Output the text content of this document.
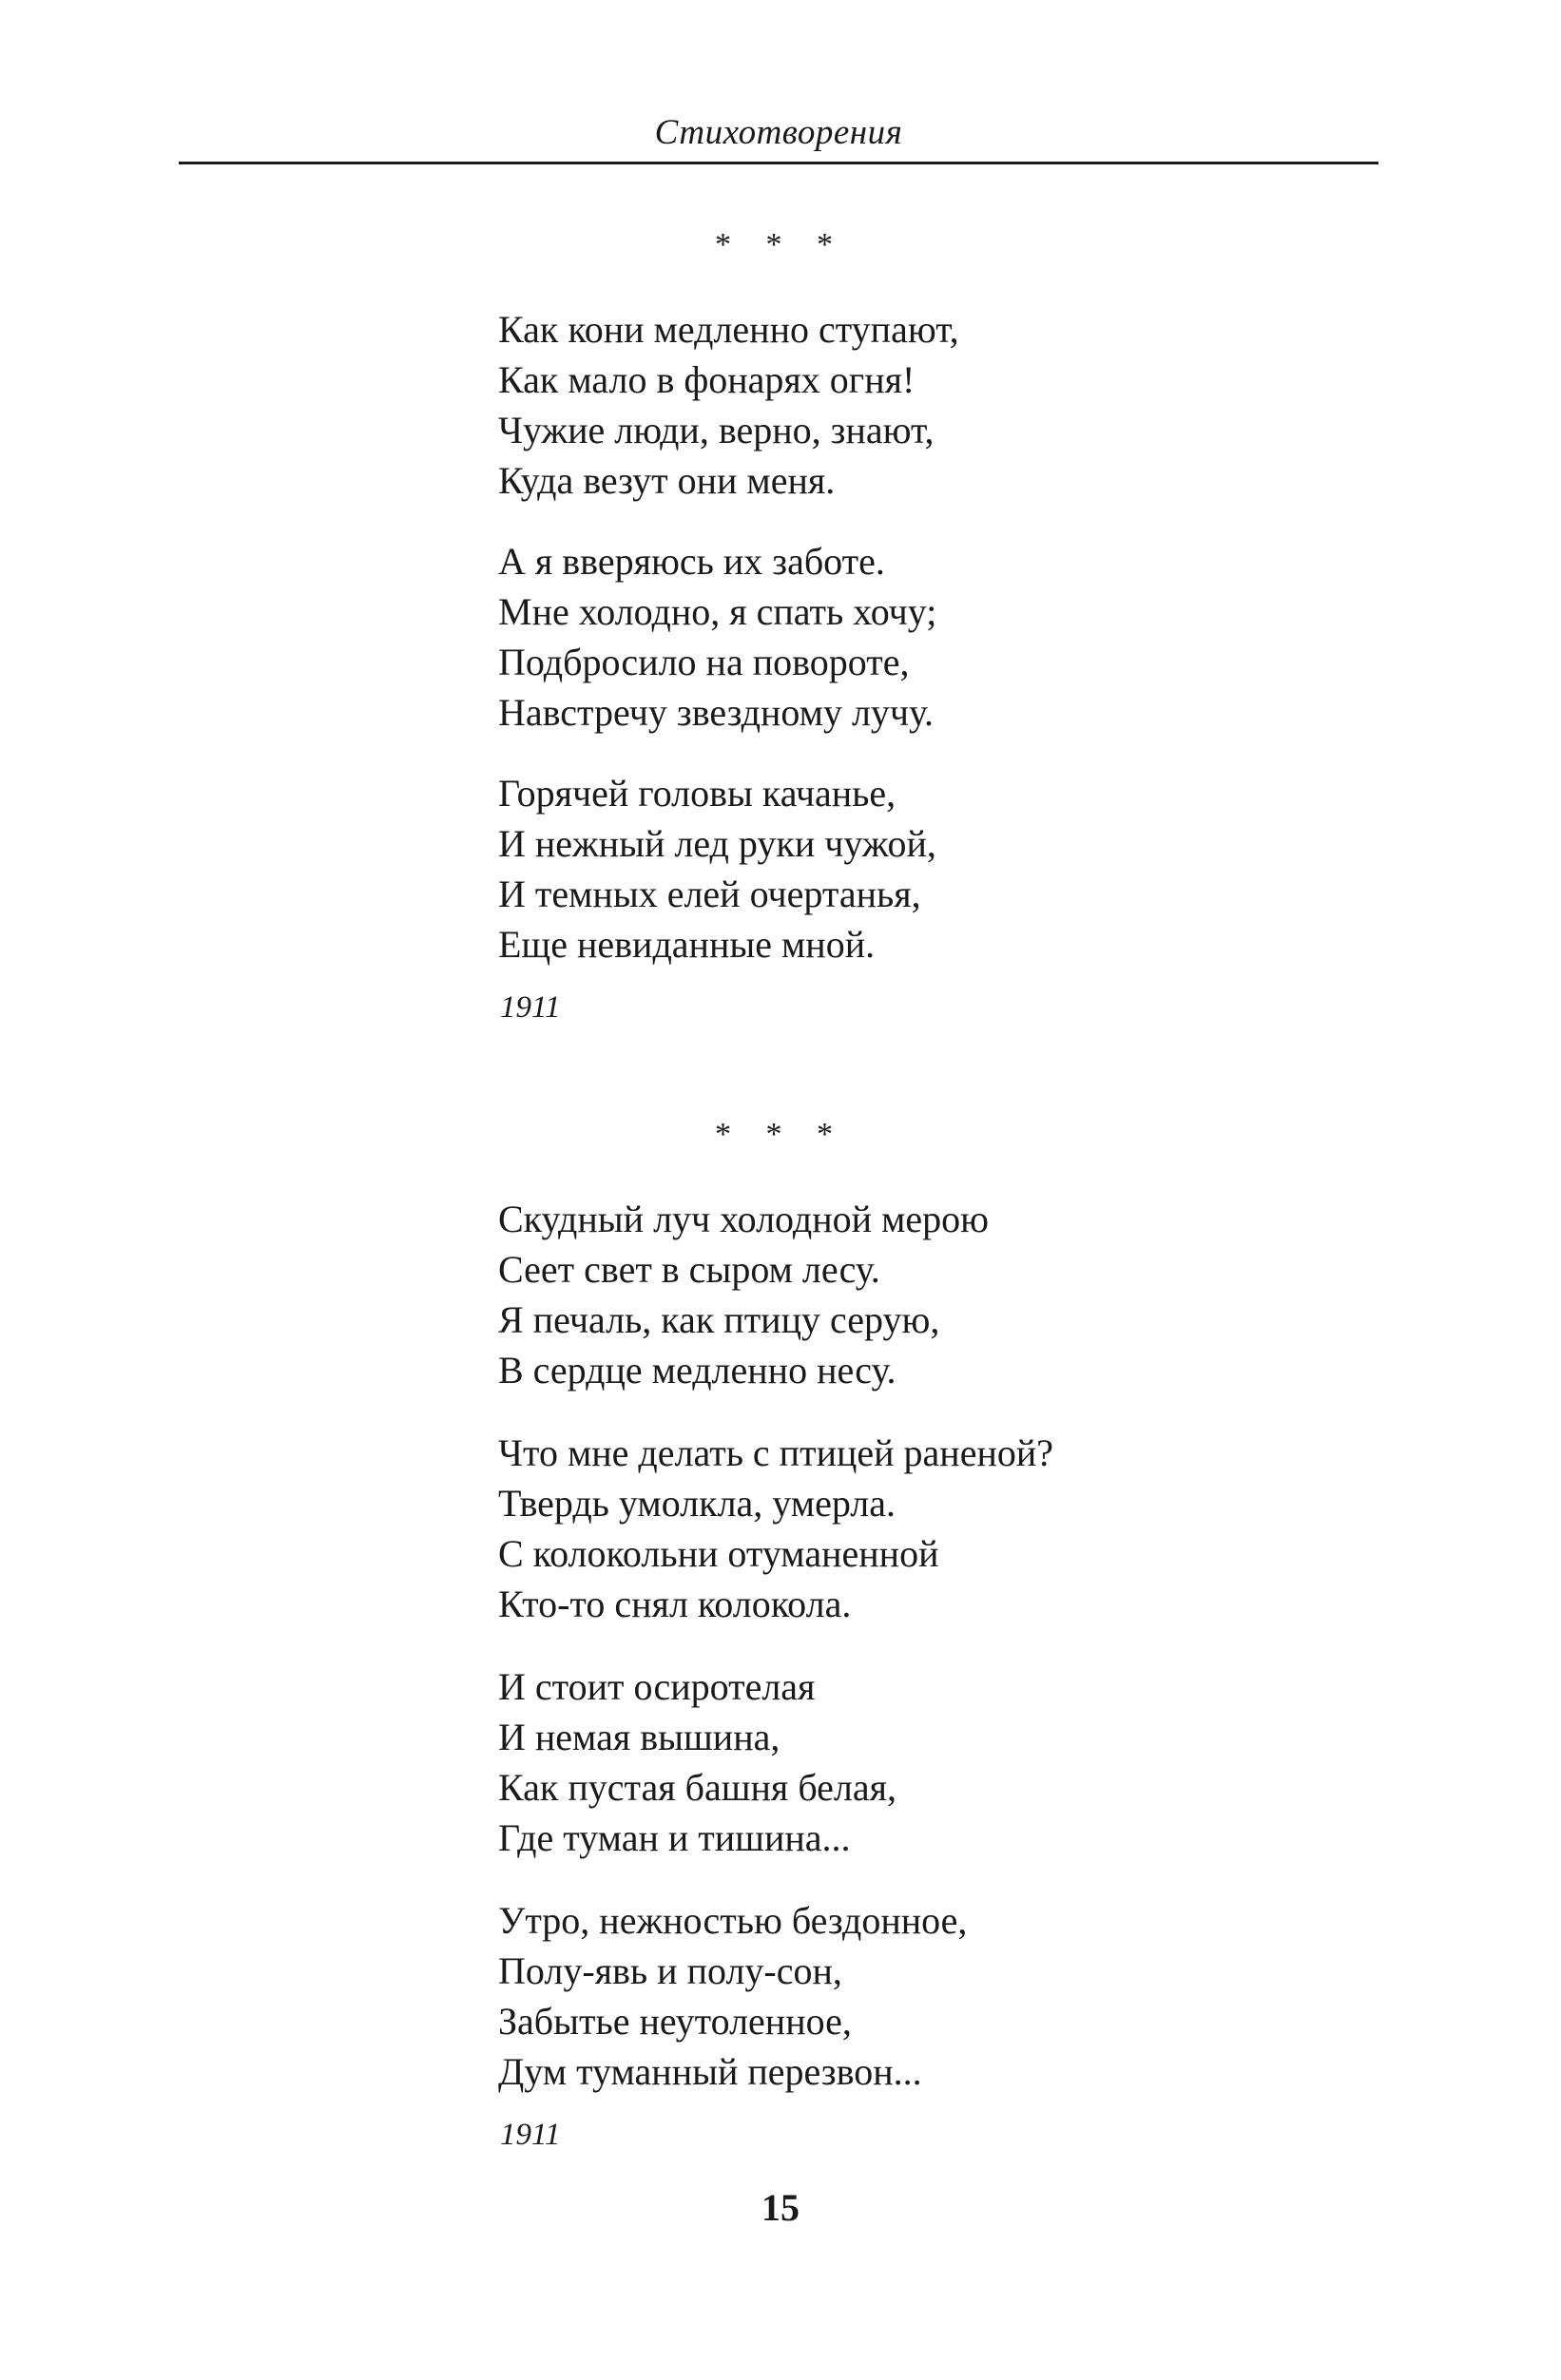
Стихотворения
* * *
Как кони медленно ступают,
Как мало в фонарях огня!
Чужие люди, верно, знают,
Куда везут они меня.
А я вверяюсь их заботе.
Мне холодно, я спать хочу;
Подбросило на повороте,
Навстречу звездному лучу.
Горячей головы качанье,
И нежный лед руки чужой,
И темных елей очертанья,
Еще невиданные мной.
1911
* * *
Скудный луч холодной мерою
Сеет свет в сыром лесу.
Я печаль, как птицу серую,
В сердце медленно несу.
Что мне делать с птицей раненой?
Твердь умолкла, умерла.
С колокольни отуманенной
Кто-то снял колокола.
И стоит осиротелая
И немая вышина,
Как пустая башня белая,
Где туман и тишина...
Утро, нежностью бездонное,
Полу-явь и полу-сон,
Забытье неутоленное,
Дум туманный перезвон...
1911
15
